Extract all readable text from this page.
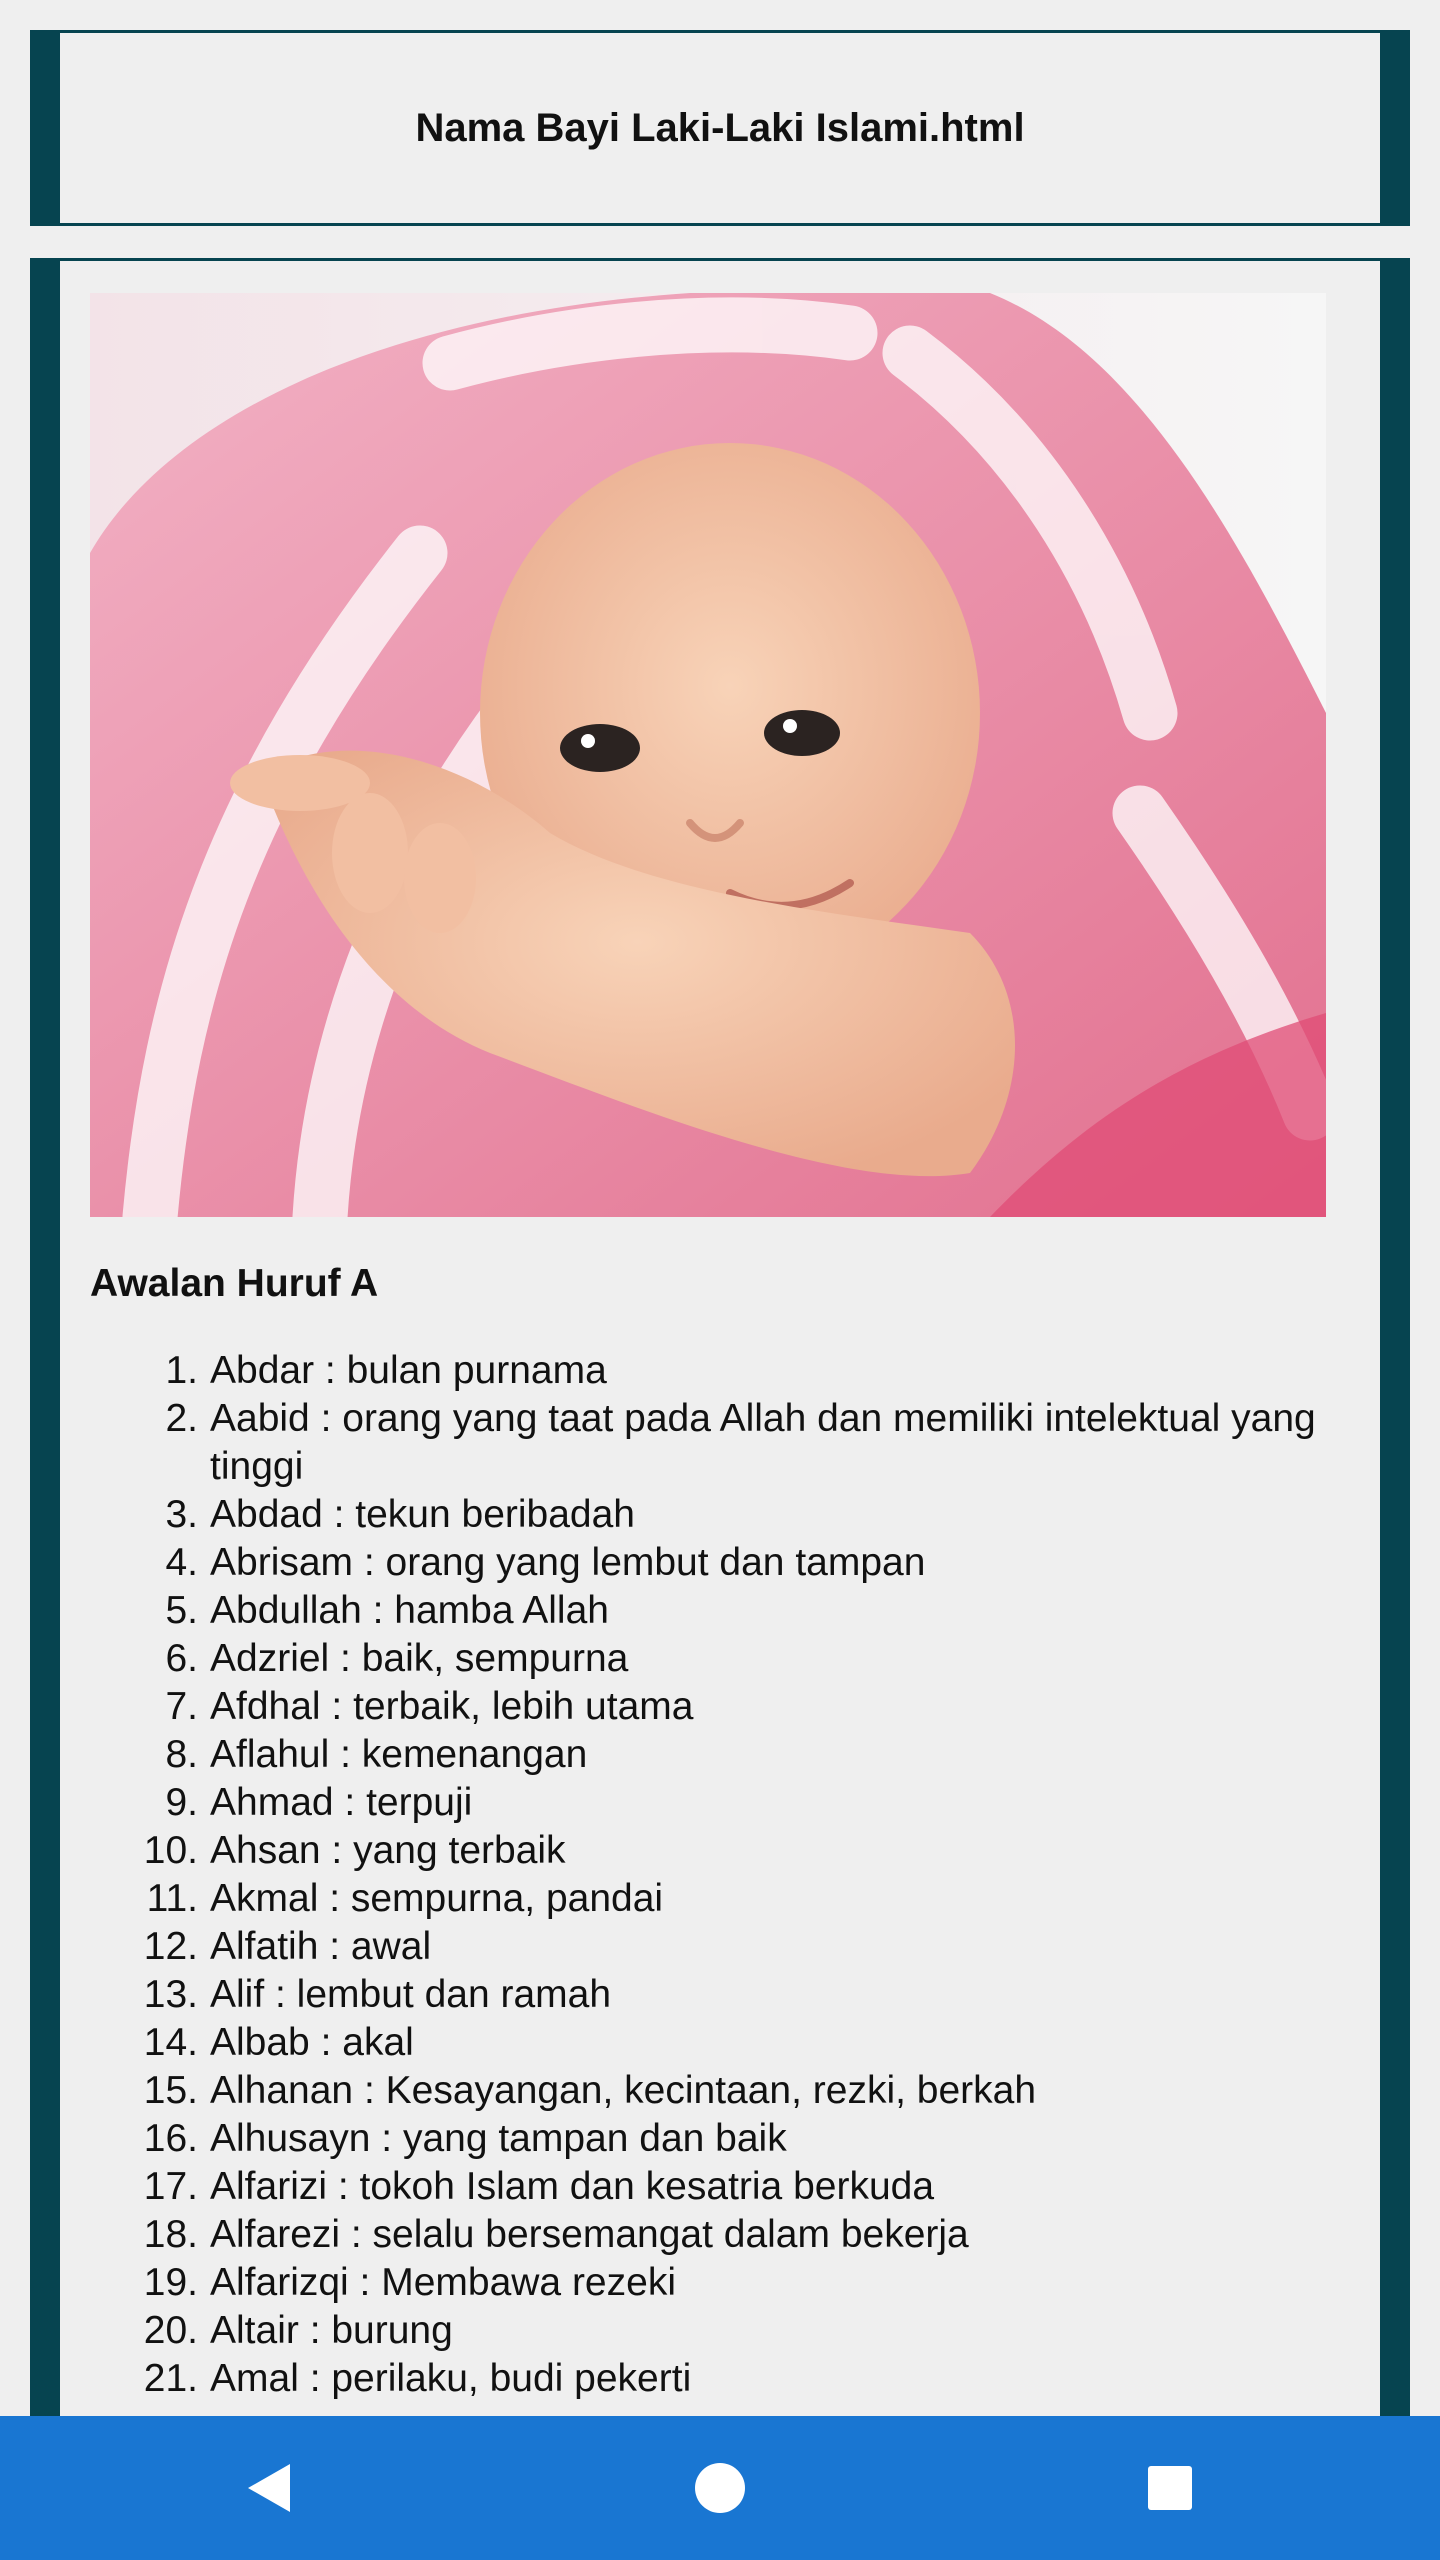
Nama Bayi Laki-Laki Islami.html
Awalan Huruf A
1. Abdar : bulan purnama
2. Aabid : orang yang taat pada Allah dan memiliki intelektual yang tinggi
3. Abdad : tekun beribadah
4. Abrisam : orang yang lembut dan tampan
5. Abdullah : hamba Allah
6. Adzriel : baik, sempurna
7. Afdhal : terbaik, lebih utama
8. Aflahul : kemenangan
9. Ahmad : terpuji
10. Ahsan : yang terbaik
11. Akmal : sempurna, pandai
12. Alfatih : awal
13. Alif : lembut dan ramah
14. Albab : akal
15. Alhanan : Kesayangan, kecintaan, rezki, berkah
16. Alhusayn : yang tampan dan baik
17. Alfarizi : tokoh Islam dan kesatria berkuda
18. Alfarezi : selalu bersemangat dalam bekerja
19. Alfarizqi : Membawa rezeki
20. Altair : burung
21. Amal : perilaku, budi pekerti
